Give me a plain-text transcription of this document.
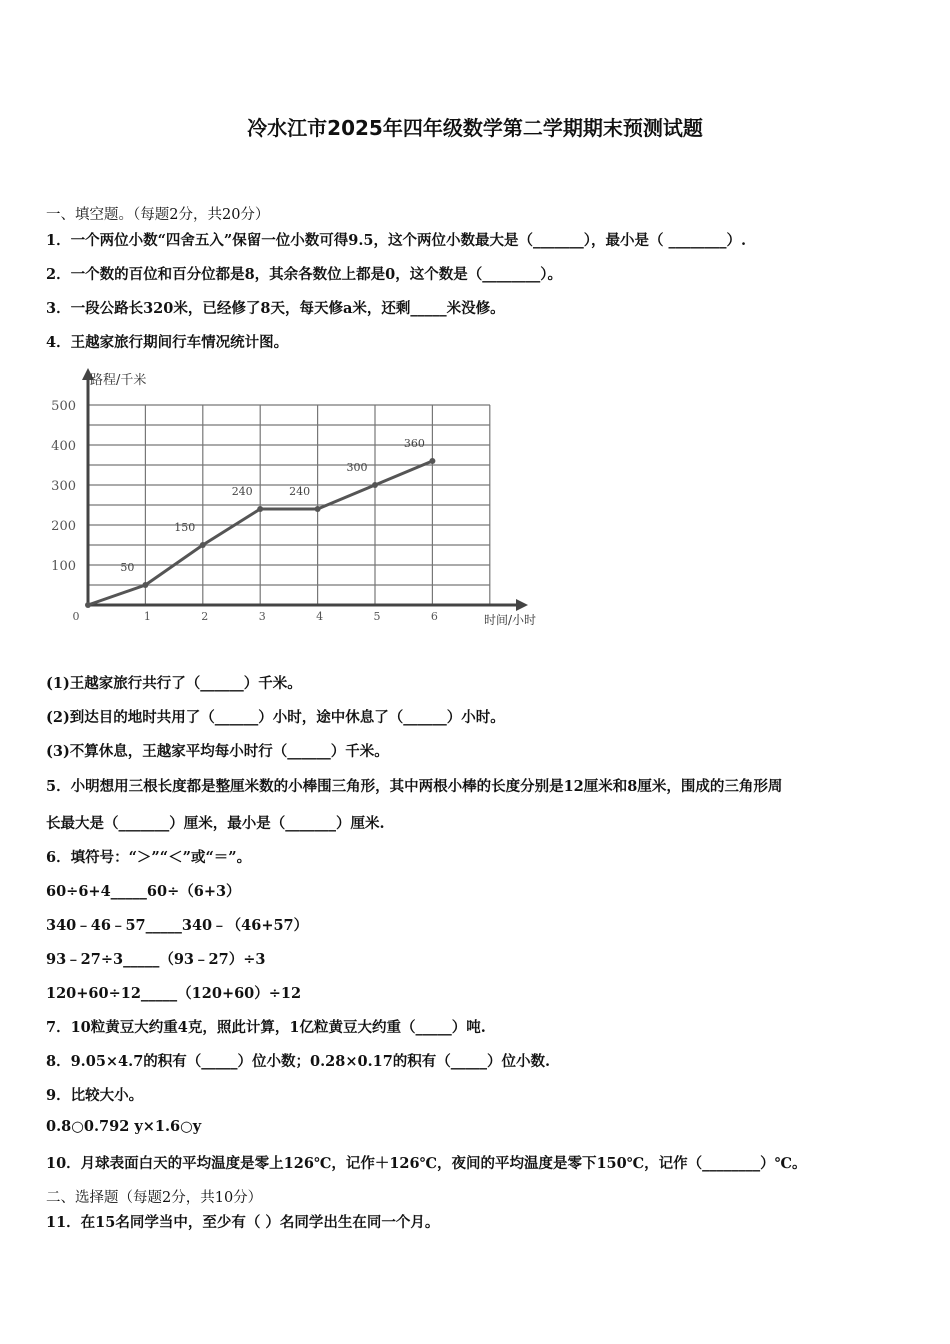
冷水江市2025年四年级数学第二学期期末预测试题
一、填空题。（每题2分，共20分）
1．一个两位小数“四舍五入”保留一位小数可得9.5，这个两位小数最大是（_______），最小是（ ________）.
2．一个数的百位和百分位都是8，其余各数位上都是0，这个数是（________）。
3．一段公路长320米，已经修了8天，每天修a米，还剩_____米没修。
4．王越家旅行期间行车情况统计图。
(1)王越家旅行共行了（______）千米。
(2)到达目的地时共用了（______）小时，途中休息了（______）小时。
(3)不算休息，王越家平均每小时行（______）千米。
5．小明想用三根长度都是整厘米数的小棒围三角形，其中两根小棒的长度分别是12厘米和8厘米，围成的三角形周
长最大是（_______）厘米，最小是（_______）厘米.
6．填符号：“＞”“＜”或“＝”。
60÷6+4_____60÷（6+3）
340﹣46﹣57_____340﹣（46+57）
93﹣27÷3_____（93﹣27）÷3
120+60÷12_____（120+60）÷12
7．10粒黄豆大约重4克，照此计算，1亿粒黄豆大约重（_____）吨.
8．9.05×4.7的积有（_____）位小数；0.28×0.17的积有（_____）位小数.
9．比较大小。
0.8○0.792 y×1.6○y
10．月球表面白天的平均温度是零上126℃，记作＋126℃，夜间的平均温度是零下150℃，记作（________）℃。
二、选择题（每题2分，共10分）
11．在15名同学当中，至少有（ ）名同学出生在同一个月。
路程/千米
时间/小时
100
200
300
400
500
0	1	2	3	4	5	6
50
150
240	240
300
360
